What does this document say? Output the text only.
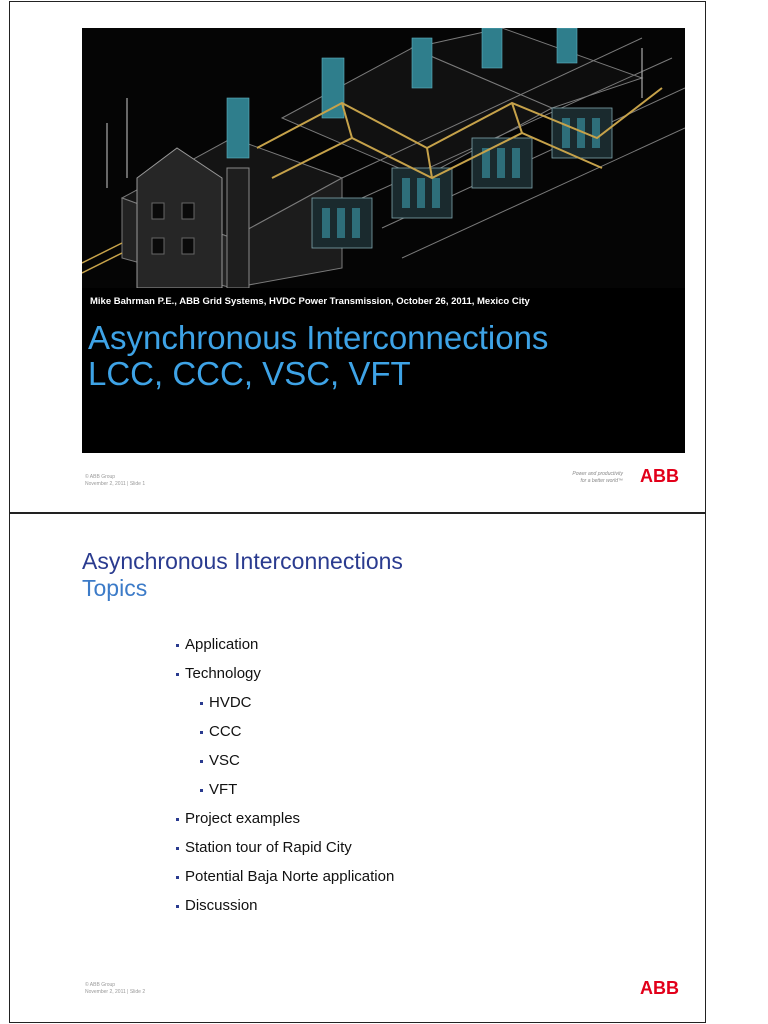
Mike Bahrman P.E., ABB Grid Systems, HVDC Power Transmission, October 26, 2011, Mexico City
Asynchronous Interconnections
LCC, CCC, VSC, VFT
© ABB Group
November 2, 2011 | Slide 1
Power and productivity
for a better world™ ABB
Asynchronous Interconnections
Topics
Application
Technology
HVDC
CCC
VSC
VFT
Project examples
Station tour of Rapid City
Potential Baja Norte application
Discussion
© ABB Group
November 2, 2011 | Slide 2	ABB
